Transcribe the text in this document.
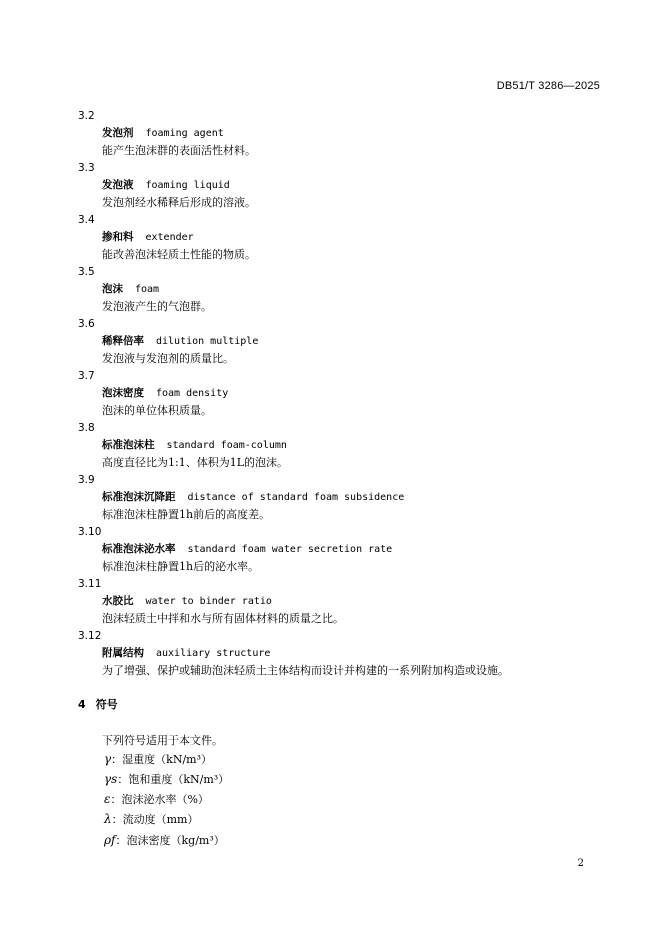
DB51/T 3286—2025
3.2
发泡剂 foaming agent
能产生泡沫群的表面活性材料。
3.3
发泡液 foaming liquid
发泡剂经水稀释后形成的溶液。
3.4
掺和料 extender
能改善泡沫轻质土性能的物质。
3.5
泡沫 foam
发泡液产生的气泡群。
3.6
稀释倍率 dilution multiple
发泡液与发泡剂的质量比。
3.7
泡沫密度 foam density
泡沫的单位体积质量。
3.8
标准泡沫柱 standard foam-column
高度直径比为1:1、体积为1L的泡沫。
3.9
标准泡沫沉降距 distance of standard foam subsidence
标准泡沫柱静置1h前后的高度差。
3.10
标准泡沫泌水率 standard foam water secretion rate
标准泡沫柱静置1h后的泌水率。
3.11
水胶比 water to binder ratio
泡沫轻质土中拌和水与所有固体材料的质量之比。
3.12
附属结构 auxiliary structure
为了增强、保护或辅助泡沫轻质土主体结构而设计并构建的一系列附加构造或设施。
4 符号
下列符号适用于本文件。
γ：湿重度（kN/m³）
γs：饱和重度（kN/m³）
ε：泡沫泌水率（%）
λ：流动度（mm）
ρf：泡沫密度（kg/m³）
2
